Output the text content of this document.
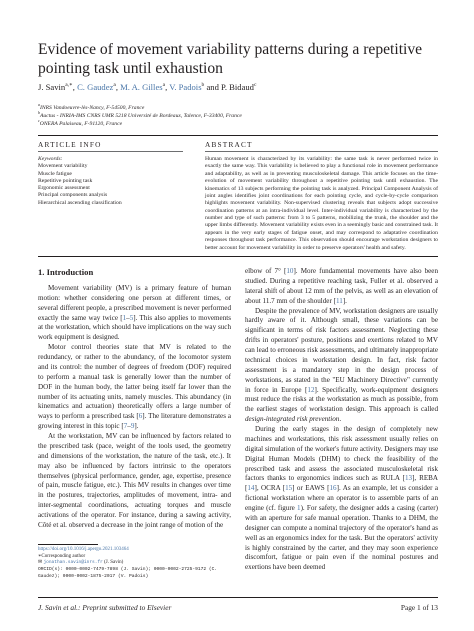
Evidence of movement variability patterns during a repetitive pointing task until exhaustion
J. Savin$^{a,∗}$, C. Gaudez$^a$, M. A. Gilles$^a$, V. Padois$^b$ and P. Bidaud$^c$
$^a$INRS Vandoeuvre-lès-Nancy, F-54500, France
$^b$Auctus - INRIA-IMS CNRS UMR 5218 Université de Bordeaux, Talence, F-33400, France
$^c$ONERA Palaiseau, F-91120, France
ARTICLE INFO	ABSTRACT
Keywords:
Movement variability
Muscle fatigue
Repetitive pointing task
Ergonomic assessment
Principal components analysis
Hierarchical ascending classification
Human movement is characterized by its variability: the same task is never performed twice in exactly the same way. This variability is believed to play a functional role in movement performance and adaptability, as well as in preventing musculoskeletal damage. This article focuses on the time-evolution of movement variability throughout a repetitive pointing task until exhaustion. The kinematics of 13 subjects performing the pointing task is analyzed. Principal Component Analysis of joint angles identifies joint coordinations for each pointing cycle, and cycle-by-cycle comparison highlights movement variability. Non-supervised clustering reveals that subjects adopt successive coordination patterns at an intra-individual level. Inter-individual variability is characterized by the number and type of such patterns: from 3 to 5 patterns, mobilizing the trunk, the shoulder and the upper limbs differently. Movement variability exists even in a seemingly basic and constrained task. It appears in the very early stages of fatigue onset, and may correspond to adaptative coordination responses throughout task performance. This observation should encourage workstation designers to better account for movement variability in order to preserve operators' health and safety.
1. Introduction

Movement variability (MV) is a primary feature of human motion: whether considering one person at different times, or several different people, a prescribed movement is never performed exactly the same way twice [1–5]. This also applies to movements at the workstation, which should have implications on the way such work equipment is designed.

Motor control theories state that MV is related to the redundancy, or rather to the abundancy, of the locomotor system and its control: the number of degrees of freedom (DOF) required to perform a manual task is generally lower than the number of DOF in the human body, the latter being itself far lower than the number of its actuating units, namely muscles. This abundancy (in kinematics and actuation) theoretically offers a large number of ways to perform a prescribed task [6]. The literature demonstrates a growing interest in this topic [7–9].

At the workstation, MV can be influenced by factors related to the prescribed task (pace, weight of the tools used, the geometry and dimensions of the workstation, the nature of the task, etc.). It may also be influenced by factors intrinsic to the operators themselves (physical performance, gender, age, expertise, presence of pain, muscle fatigue, etc.). This MV results in changes over time in the postures, trajectories, amplitudes of movement, intra- and inter-segmental coordinations, actuating torques and muscle activations of the operator. For instance, during a sawing activity, Côté et al. observed a decrease in the joint range of motion of the

elbow of 7° [10]. More fundamental movements have also been studied. During a repetitive reaching task, Fuller et al. observed a lateral shift of about 12 mm of the pelvis, as well as an elevation of about 11.7 mm of the shoulder [11].

Despite the prevalence of MV, workstation designers are usually hardly aware of it. Although small, these variations can be significant in terms of risk factors assessment. Neglecting these drifts in operators' posture, positions and exertions related to MV can lead to erroneous risk assessments, and ultimately inappropriate technical choices in workstation design. In fact, risk factor assessment is a mandatory step in the design process of workstations, as stated in the "EU Machinery Directive" currently in force in Europe [12]. Specifically, work-equipment designers must reduce the risks at the workstation as much as possible, from the earliest stages of workstation design. This approach is called design-integrated risk prevention.

During the early stages in the design of completely new machines and workstations, this risk assessment usually relies on digital simulation of the worker's future activity. Designers may use Digital Human Models (DHM) to check the feasibility of the prescribed task and assess the associated musculoskeletal risk factors thanks to ergonomics indices such as RULA [13], REBA [14], OCRA [15] or EAWS [16]. As an example, let us consider a fictional workstation where an operator is to assemble parts of an engine (cf. figure 1). For safety, the designer adds a casing (carter) with an aperture for safe manual operation. Thanks to a DHM, the designer can compute a nominal trajectory of the operator's hand as well as an ergonomics index for the task. But the operators' activity is highly constrained by the carter, and they may soon experience discomfort, fatigue or pain even if the nominal postures and exertions have been deemed

https://doi.org/10.1016/j.apergo.2021.103464
∗Corresponding author
✉ jonathan.savin@inrs.fr (J. Savin)
ORCID(s): 0000-0002-7479-7898 (J. Savin); 0000-0002-2725-9172 (C.
Gaudez); 0000-0002-1875-2017 (V. Padois)
J. Savin et al.: Preprint submitted to Elsevier	Page 1 of 13
